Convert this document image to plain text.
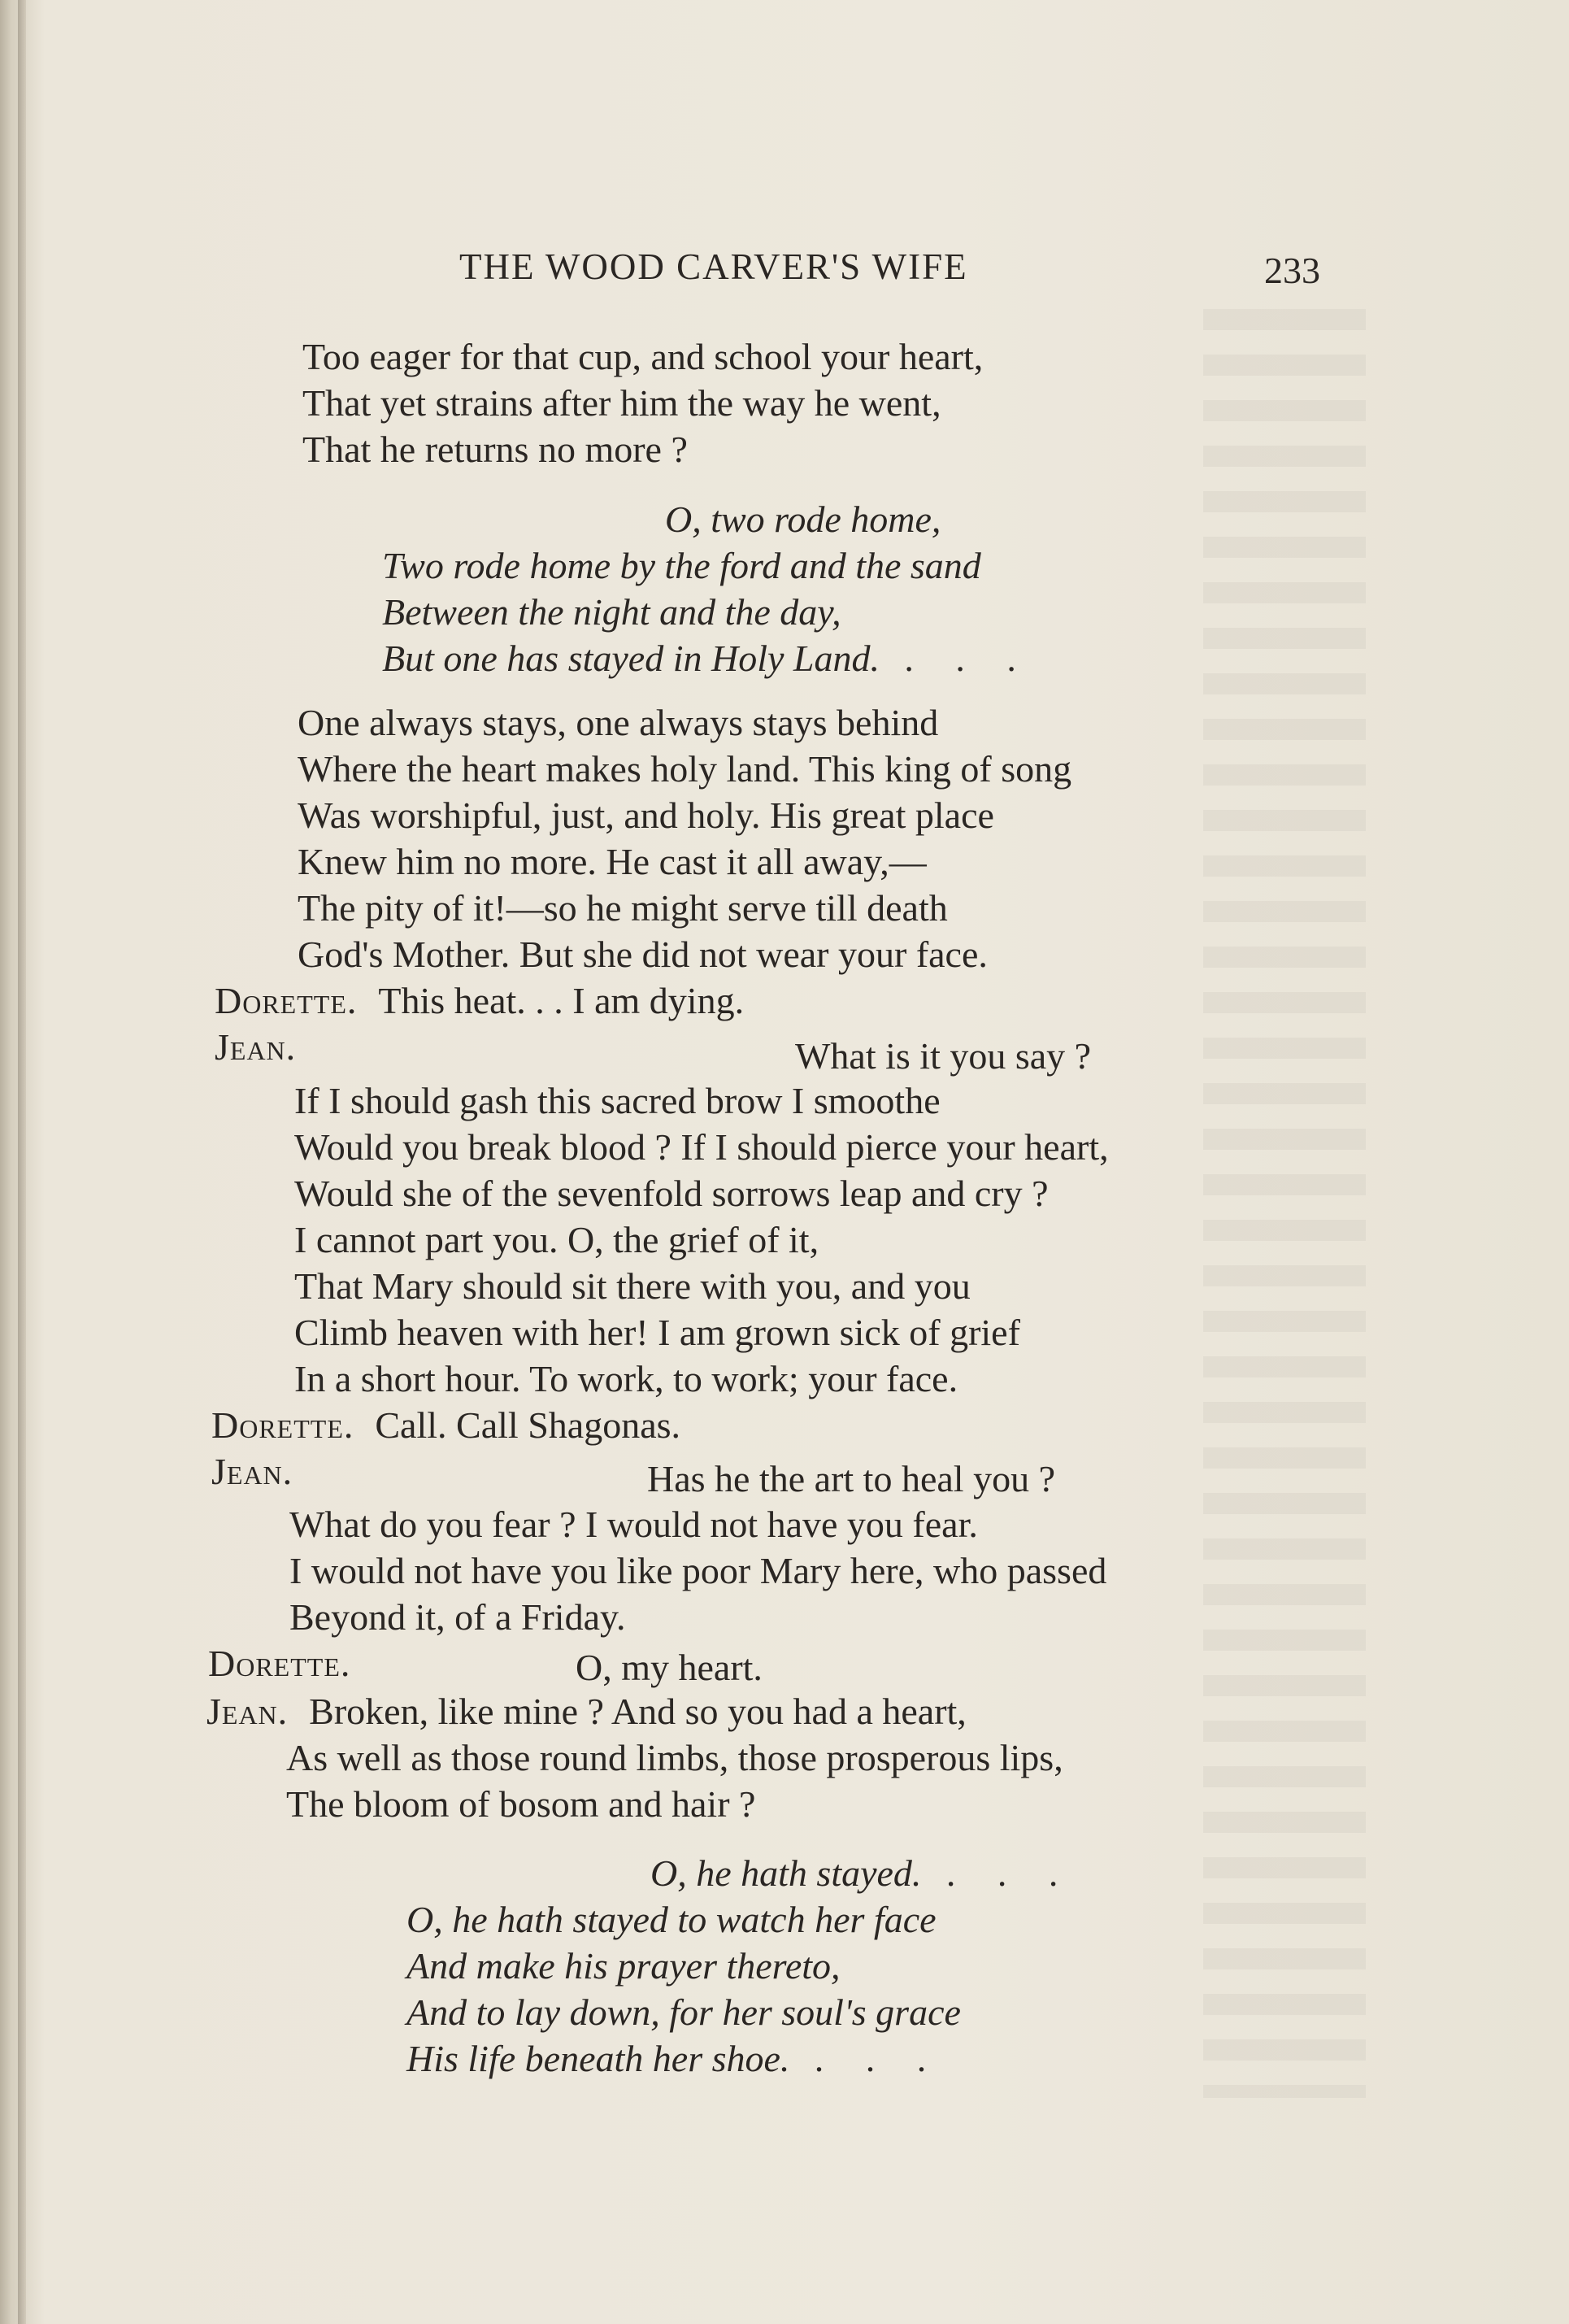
THE WOOD CARVER'S WIFE	233
Too eager for that cup, and school your heart,
That yet strains after him the way he went,
That he returns no more ?
O, two rode home,
Two rode home by the ford and the sand
Between the night and the day,
But one has stayed in Holy Land. . . .
One always stays, one always stays behind
Where the heart makes holy land. This king of song
Was worshipful, just, and holy. His great place
Knew him no more. He cast it all away,—
The pity of it!—so he might serve till death
God's Mother. But she did not wear your face.
Dorette. This heat. . . I am dying.
Jean.	What is it you say ?
If I should gash this sacred brow I smoothe
Would you break blood ? If I should pierce your heart,
Would she of the sevenfold sorrows leap and cry ?
I cannot part you. O, the grief of it,
That Mary should sit there with you, and you
Climb heaven with her! I am grown sick of grief
In a short hour. To work, to work; your face.
Dorette. Call. Call Shagonas.
Jean.	Has he the art to heal you ?
What do you fear ? I would not have you fear.
I would not have you like poor Mary here, who passed
Beyond it, of a Friday.
Dorette.	O, my heart.
Jean. Broken, like mine ? And so you had a heart,
As well as those round limbs, those prosperous lips,
The bloom of bosom and hair ?
O, he hath stayed. . . .
O, he hath stayed to watch her face
And make his prayer thereto,
And to lay down, for her soul's grace
His life beneath her shoe. . . .
